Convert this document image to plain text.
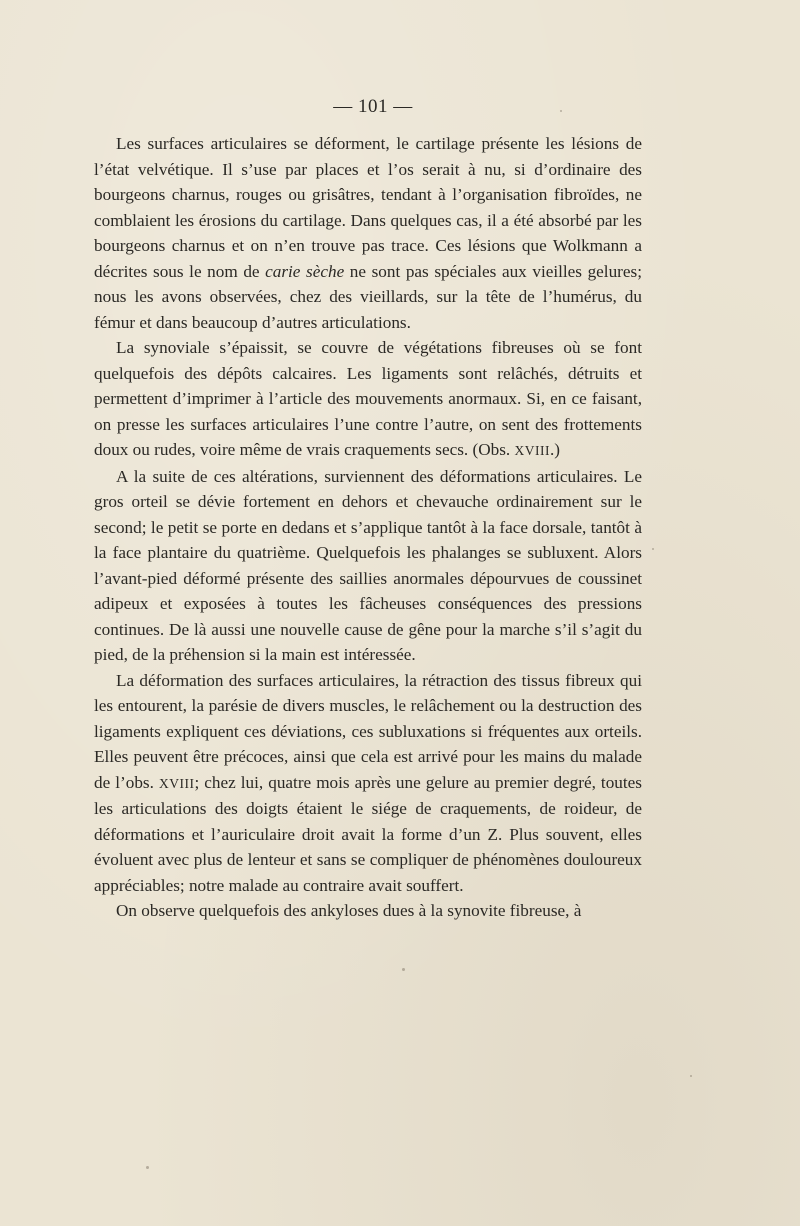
— 101 —

Les surfaces articulaires se déforment, le cartilage présente les lésions de l’état velvétique. Il s’use par places et l’os serait à nu, si d’ordinaire des bourgeons charnus, rouges ou grisâtres, tendant à l’organisation fibroïdes, ne comblaient les érosions du cartilage. Dans quelques cas, il a été absorbé par les bourgeons charnus et on n’en trouve pas trace. Ces lésions que Wolkmann a décrites sous le nom de carie sèche ne sont pas spéciales aux vieilles gelures; nous les avons observées, chez des vieillards, sur la tête de l’humérus, du fémur et dans beaucoup d’autres articulations.

La synoviale s’épaissit, se couvre de végétations fibreuses où se font quelquefois des dépôts calcaires. Les ligaments sont relâchés, détruits et permettent d’imprimer à l’article des mouvements anormaux. Si, en ce faisant, on presse les surfaces articulaires l’une contre l’autre, on sent des frottements doux ou rudes, voire même de vrais craquements secs. (Obs. XVIII.)

A la suite de ces altérations, surviennent des déformations articulaires. Le gros orteil se dévie fortement en dehors et chevauche ordinairement sur le second; le petit se porte en dedans et s’applique tantôt à la face dorsale, tantôt à la face plantaire du quatrième. Quelquefois les phalanges se subluxent. Alors l’avant-pied déformé présente des saillies anormales dépourvues de coussinet adipeux et exposées à toutes les fâcheuses conséquences des pressions continues. De là aussi une nouvelle cause de gêne pour la marche s’il s’agit du pied, de la préhension si la main est intéressée.

La déformation des surfaces articulaires, la rétraction des tissus fibreux qui les entourent, la parésie de divers muscles, le relâchement ou la destruction des ligaments expliquent ces déviations, ces subluxations si fréquentes aux orteils. Elles peuvent être précoces, ainsi que cela est arrivé pour les mains du malade de l’obs. XVIII; chez lui, quatre mois après une gelure au premier degré, toutes les articulations des doigts étaient le siége de craquements, de roideur, de déformations et l’auriculaire droit avait la forme d’un Z. Plus souvent, elles évoluent avec plus de lenteur et sans se compliquer de phénomènes douloureux appréciables; notre malade au contraire avait souffert.

On observe quelquefois des ankyloses dues à la synovite fibreuse, à
